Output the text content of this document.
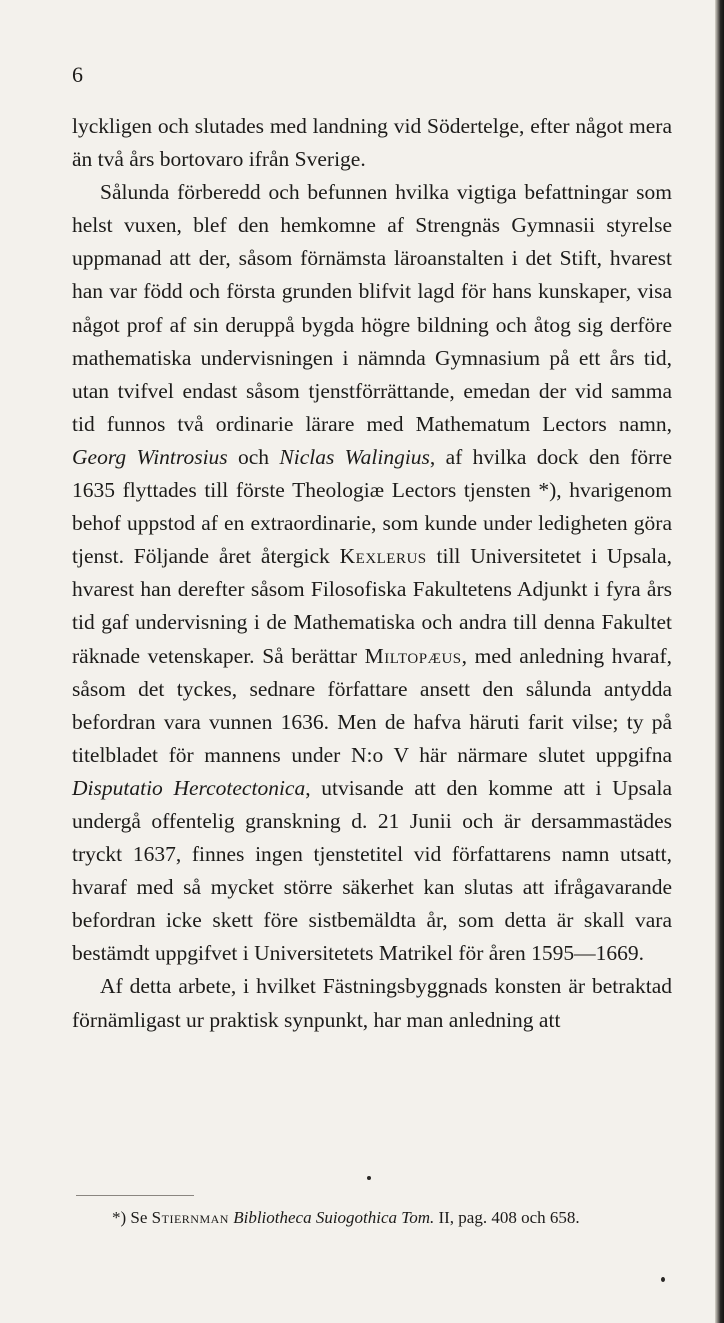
6

lyckligen och slutades med landning vid Södertelge, efter något mera än två års bortovaro ifrån Sverige.

Sålunda förberedd och befunnen hvilka vigtiga befattningar som helst vuxen, blef den hemkomne af Strengnäs Gymnasii styrelse uppmanad att der, såsom förnämsta läroanstalten i det Stift, hvarest han var född och första grunden blifvit lagd för hans kunskaper, visa något prof af sin deruppå bygda högre bildning och åtog sig derföre mathematiska undervisningen i nämnda Gymnasium på ett års tid, utan tvifvel endast såsom tjenstförrättande, emedan der vid samma tid funnos två ordinarie lärare med Mathematum Lectors namn, Georg Wintrosius och Niclas Walingius, af hvilka dock den förre 1635 flyttades till förste Theologiæ Lectors tjensten *), hvarigenom behof uppstod af en extraordinarie, som kunde under ledigheten göra tjenst. Följande året återgick Kexlerus till Universitetet i Upsala, hvarest han derefter såsom Filosofiska Fakultetens Adjunkt i fyra års tid gaf undervisning i de Mathematiska och andra till denna Fakultet räknade vetenskaper. Så berättar Miltopæus, med anledning hvaraf, såsom det tyckes, sednare författare ansett den sålunda antydda befordran vara vunnen 1636. Men de hafva häruti farit vilse; ty på titelbladet för mannens under N:o V här närmare slutet uppgifna Disputatio Hercotectonica, utvisande att den komme att i Upsala undergå offentelig granskning d. 21 Junii och är dersammastädes tryckt 1637, finnes ingen tjenstetitel vid författarens namn utsatt, hvaraf med så mycket större säkerhet kan slutas att ifrågavarande befordran icke skett före sistbemäldta år, som detta är skall vara bestämdt uppgifvet i Universitetets Matrikel för åren 1595—1669.

Af detta arbete, i hvilket Fästningsbyggnads konsten är betraktad förnämligast ur praktisk synpunkt, har man anledning att

*) Se Stiernman Bibliotheca Suiogothica Tom. II, pag. 408 och 658.
